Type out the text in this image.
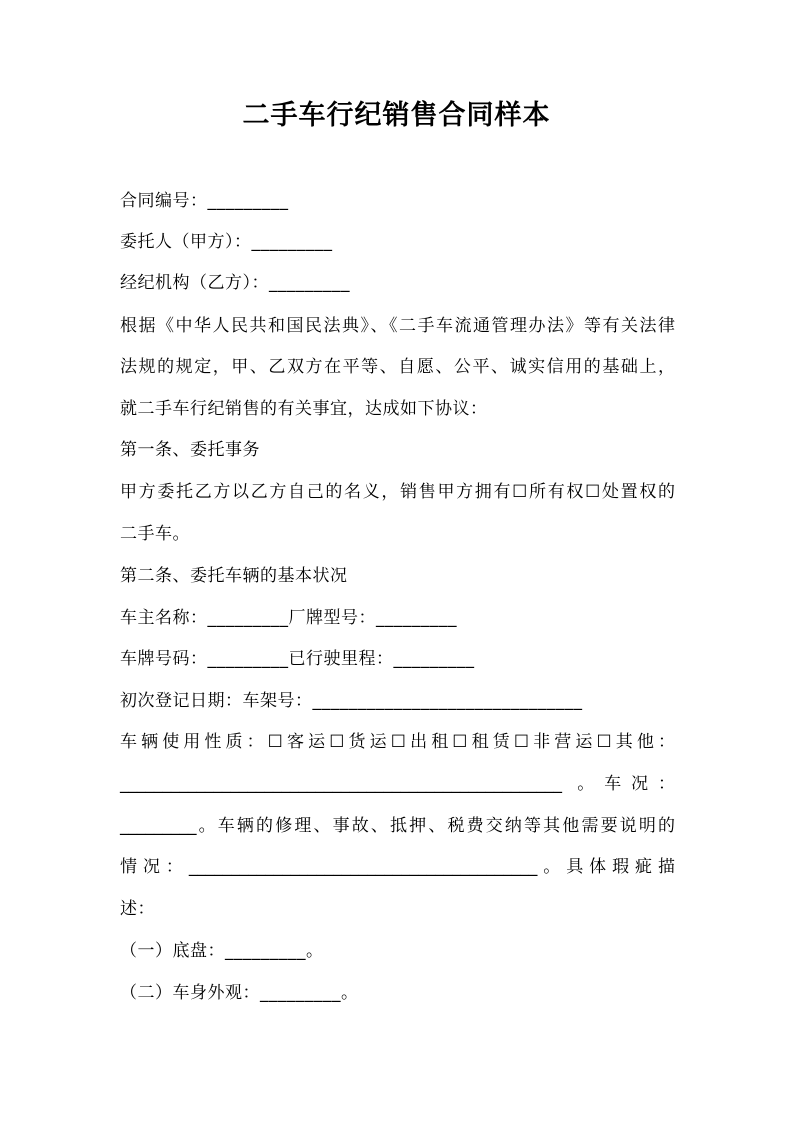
二手车行纪销售合同样本
合同编号：_________
委托人（甲方）：_________
经纪机构（乙方）：_________
根据《中华人民共和国民法典》、《二手车流通管理办法》等有关法律
法规的规定，甲、乙双方在平等、自愿、公平、诚实信用的基础上，
就二手车行纪销售的有关事宜，达成如下协议：
第一条、委托事务
甲方委托乙方以乙方自己的名义，销售甲方拥有☐所有权☐处置权的
二手车。
第二条、委托车辆的基本状况
车主名称：_________厂牌型号：_________
车牌号码：_________已行驶里程：_________
初次登记日期：车架号：______________________________
车辆使用性质：☐客运☐货运☐出租☐租赁☐非营运☐其他：
____________________________________________________ 。车况：
_________。车辆的修理、事故、抵押、税费交纳等其他需要说明的
情况：_________________________________________。具体瑕疵描
述：
（一）底盘：_________。
（二）车身外观：_________。
